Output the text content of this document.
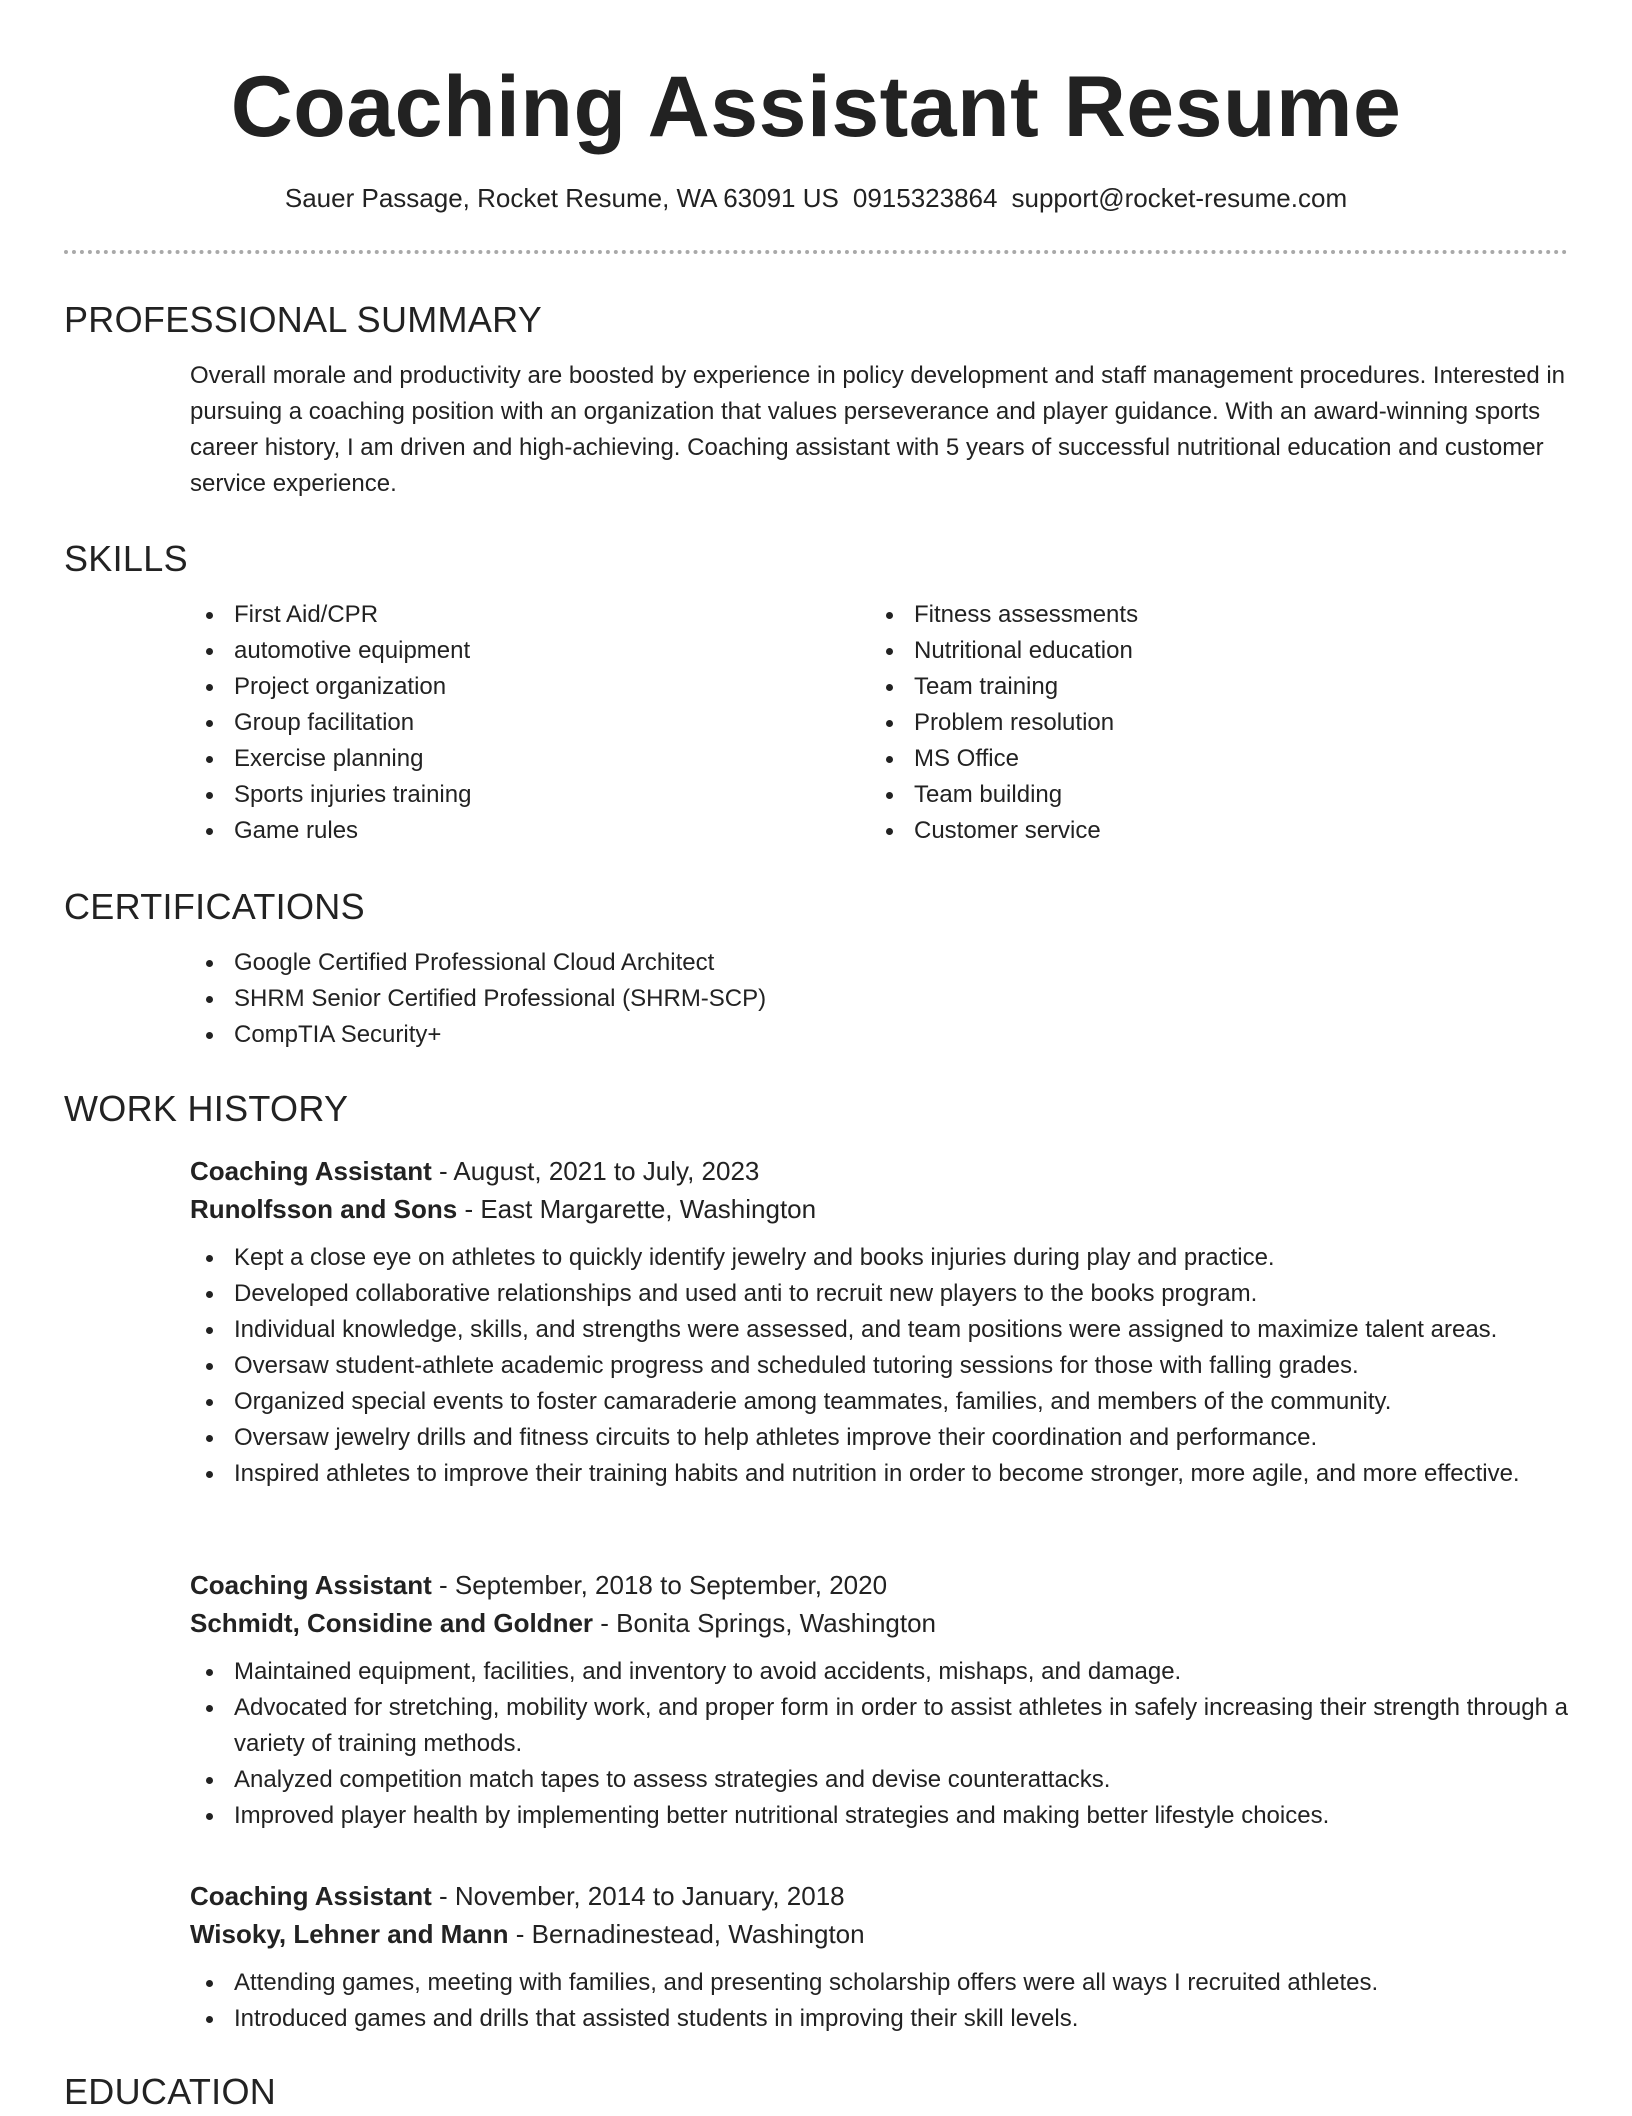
Coaching Assistant Resume
Sauer Passage, Rocket Resume, WA 63091 US 0915323864 support@rocket-resume.com
PROFESSIONAL SUMMARY

Overall morale and productivity are boosted by experience in policy development and staff management procedures. Interested in pursuing a coaching position with an organization that values perseverance and player guidance. With an award-winning sports career history, I am driven and high-achieving. Coaching assistant with 5 years of successful nutritional education and customer service experience.

SKILLS
First Aid/CPR
automotive equipment
Project organization
Group facilitation
Exercise planning
Sports injuries training
Game rules
Fitness assessments
Nutritional education
Team training
Problem resolution
MS Office
Team building
Customer service
CERTIFICATIONS
Google Certified Professional Cloud Architect
SHRM Senior Certified Professional (SHRM-SCP)
CompTIA Security+
WORK HISTORY
Coaching Assistant - August, 2021 to July, 2023
Runolfsson and Sons - East Margarette, Washington
Kept a close eye on athletes to quickly identify jewelry and books injuries during play and practice.
Developed collaborative relationships and used anti to recruit new players to the books program.
Individual knowledge, skills, and strengths were assessed, and team positions were assigned to maximize talent areas.
Oversaw student-athlete academic progress and scheduled tutoring sessions for those with falling grades.
Organized special events to foster camaraderie among teammates, families, and members of the community.
Oversaw jewelry drills and fitness circuits to help athletes improve their coordination and performance.
Inspired athletes to improve their training habits and nutrition in order to become stronger, more agile, and more effective.
Coaching Assistant - September, 2018 to September, 2020
Schmidt, Considine and Goldner - Bonita Springs, Washington
Maintained equipment, facilities, and inventory to avoid accidents, mishaps, and damage.
Advocated for stretching, mobility work, and proper form in order to assist athletes in safely increasing their strength through a variety of training methods.
Analyzed competition match tapes to assess strategies and devise counterattacks.
Improved player health by implementing better nutritional strategies and making better lifestyle choices.
Coaching Assistant - November, 2014 to January, 2018
Wisoky, Lehner and Mann - Bernadinestead, Washington
Attending games, meeting with families, and presenting scholarship offers were all ways I recruited athletes.
Introduced games and drills that assisted students in improving their skill levels.
EDUCATION
